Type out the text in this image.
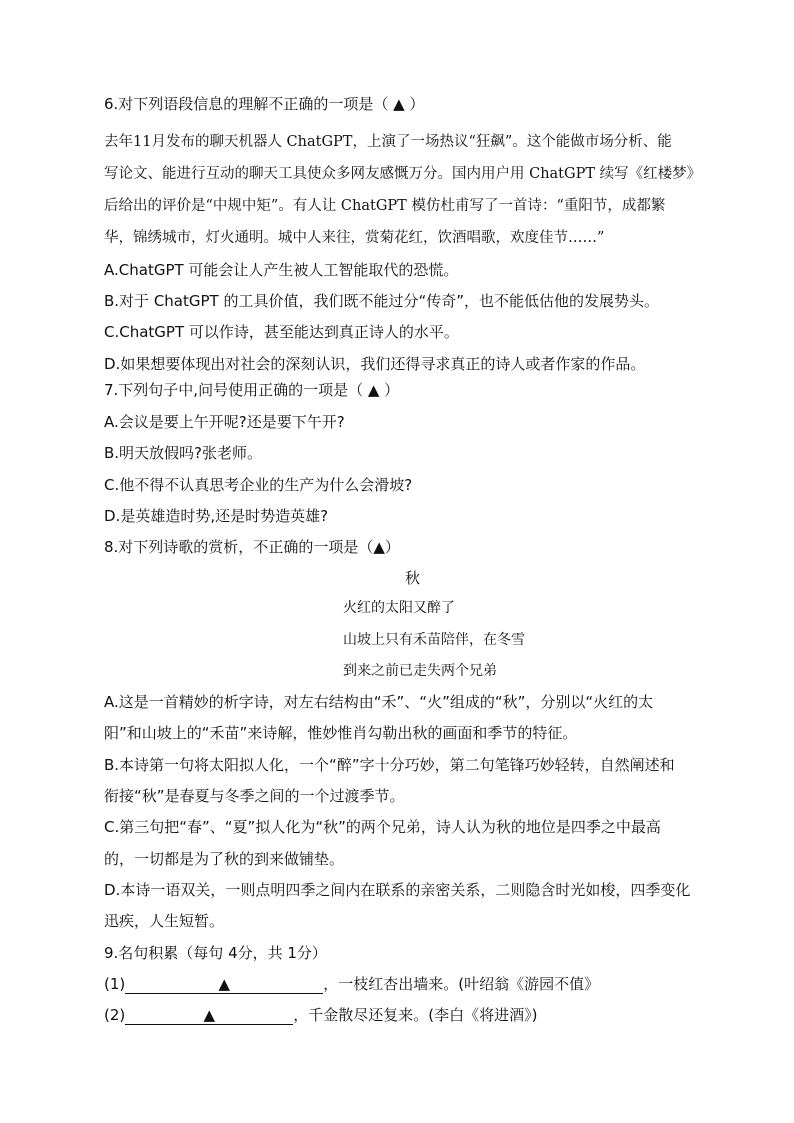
6.对下列语段信息的理解不正确的一项是（ ▲ ）
去年11月发布的聊天机器人 ChatGPT，上演了一场热议“狂飙”。这个能做市场分析、能
写论文、能进行互动的聊天工具使众多网友感慨万分。国内用户用 ChatGPT 续写《红楼梦》
后给出的评价是“中规中矩”。有人让 ChatGPT 模仿杜甫写了一首诗：“重阳节，成都繁
华，锦绣城市，灯火通明。城中人来往，赏菊花红，饮酒唱歌，欢度佳节……”
A.ChatGPT 可能会让人产生被人工智能取代的恐慌。
B.对于 ChatGPT 的工具价值，我们既不能过分“传奇”，也不能低估他的发展势头。
C.ChatGPT 可以作诗，甚至能达到真正诗人的水平。
D.如果想要体现出对社会的深刻认识，我们还得寻求真正的诗人或者作家的作品。
7.下列句子中,问号使用正确的一项是（ ▲ ）
A.会议是要上午开呢?还是要下午开?
B.明天放假吗?张老师。
C.他不得不认真思考企业的生产为什么会滑坡?
D.是英雄造时势,还是时势造英雄?
8.对下列诗歌的赏析，不正确的一项是（▲）
秋
火红的太阳又醉了
山坡上只有禾苗陪伴，在冬雪
到来之前已走失两个兄弟
A.这是一首精妙的析字诗，对左右结构由“禾”、“火”组成的“秋”，分别以“火红的太
阳”和山坡上的“禾苗”来诗解，惟妙惟肖勾勒出秋的画面和季节的特征。
B.本诗第一句将太阳拟人化，一个“醉”字十分巧妙，第二句笔锋巧妙轻转，自然阐述和
衔接“秋”是春夏与冬季之间的一个过渡季节。
C.第三句把“春”、“夏”拟人化为“秋”的两个兄弟，诗人认为秋的地位是四季之中最高
的，一切都是为了秋的到来做铺垫。
D.本诗一语双关，一则点明四季之间内在联系的亲密关系，二则隐含时光如梭，四季变化
迅疾，人生短暂。
9.名句积累（每句 4分，共 1分）
(1)	▲	，一枝红杏出墙来。(叶绍翁《游园不值》
(2)	▲	，千金散尽还复来。(李白《将进酒》)
